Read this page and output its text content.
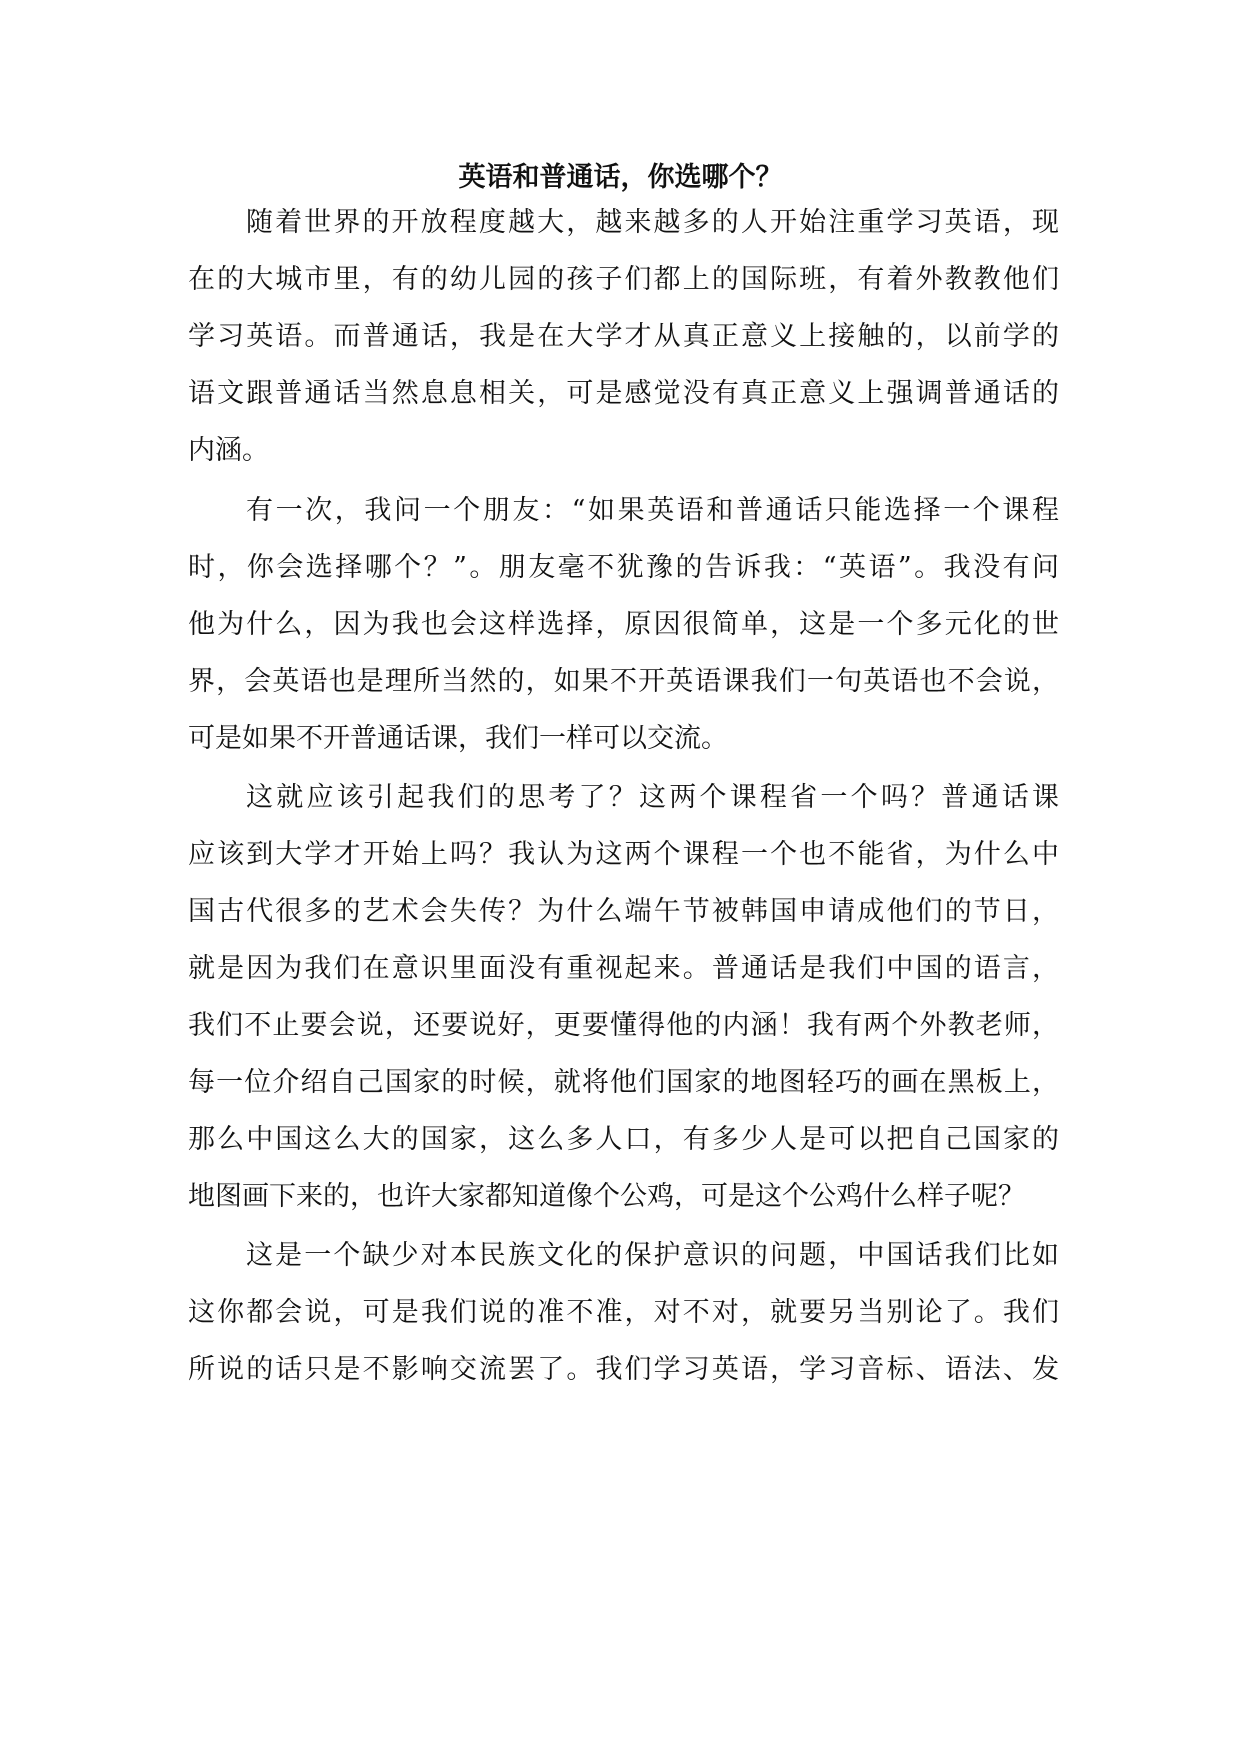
英语和普通话，你选哪个？
随着世界的开放程度越大，越来越多的人开始注重学习英语，现
在的大城市里，有的幼儿园的孩子们都上的国际班，有着外教教他们
学习英语。而普通话，我是在大学才从真正意义上接触的，以前学的
语文跟普通话当然息息相关，可是感觉没有真正意义上强调普通话的
内涵。
有一次，我问一个朋友：“如果英语和普通话只能选择一个课程
时，你会选择哪个？”。朋友毫不犹豫的告诉我：“英语”。我没有问
他为什么，因为我也会这样选择，原因很简单，这是一个多元化的世
界，会英语也是理所当然的，如果不开英语课我们一句英语也不会说，
可是如果不开普通话课，我们一样可以交流。
这就应该引起我们的思考了？这两个课程省一个吗？普通话课
应该到大学才开始上吗？我认为这两个课程一个也不能省，为什么中
国古代很多的艺术会失传？为什么端午节被韩国申请成他们的节日，
就是因为我们在意识里面没有重视起来。普通话是我们中国的语言，
我们不止要会说，还要说好，更要懂得他的内涵！我有两个外教老师，
每一位介绍自己国家的时候，就将他们国家的地图轻巧的画在黑板上，
那么中国这么大的国家，这么多人口，有多少人是可以把自己国家的
地图画下来的，也许大家都知道像个公鸡，可是这个公鸡什么样子呢？
这是一个缺少对本民族文化的保护意识的问题，中国话我们比如
这你都会说，可是我们说的准不准，对不对，就要另当别论了。我们
所说的话只是不影响交流罢了。我们学习英语，学习音标、语法、发
